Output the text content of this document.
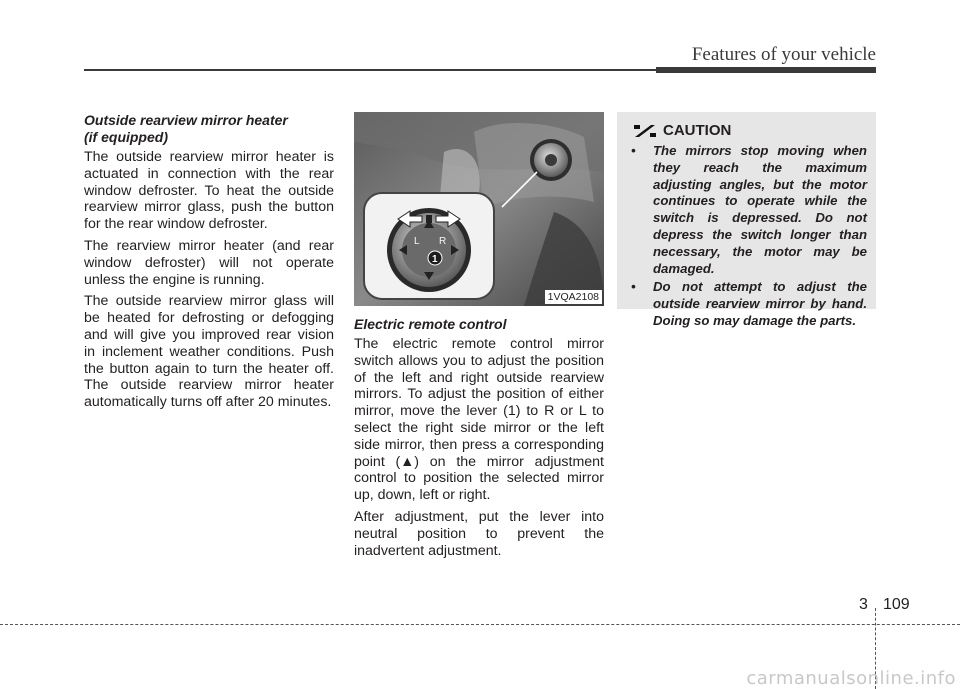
Features of your vehicle
Outside rearview mirror heater
(if equipped)

The outside rearview mirror heater is actuated in connection with the rear window defroster. To heat the outside rearview mirror glass, push the button for the rear window defroster.

The rearview mirror heater (and rear window defroster) will not operate unless the engine is running.

The outside rearview mirror glass will be heated for defrosting or defogging and will give you improved rear vision in inclement weather conditions. Push the button again to turn the heater off. The outside rearview mirror heater automatically turns off after 20 minutes.

L R
1
1VQA2108
Electric remote control

The electric remote control mirror switch allows you to adjust the position of the left and right outside rearview mirrors. To adjust the position of either mirror, move the lever (1) to R or L to select the right side mirror or the left side mirror, then press a corresponding point (▲) on the mirror adjustment control to position the selected mirror up, down, left or right.

After adjustment, put the lever into neutral position to prevent the inadvertent adjustment.

CAUTION
• The mirrors stop moving when they reach the maximum adjusting angles, but the motor continues to operate while the switch is depressed. Do not depress the switch longer than necessary, the motor may be damaged.
• Do not attempt to adjust the outside rearview mirror by hand. Doing so may damage the parts.
3 109
carmanualsonline.info
